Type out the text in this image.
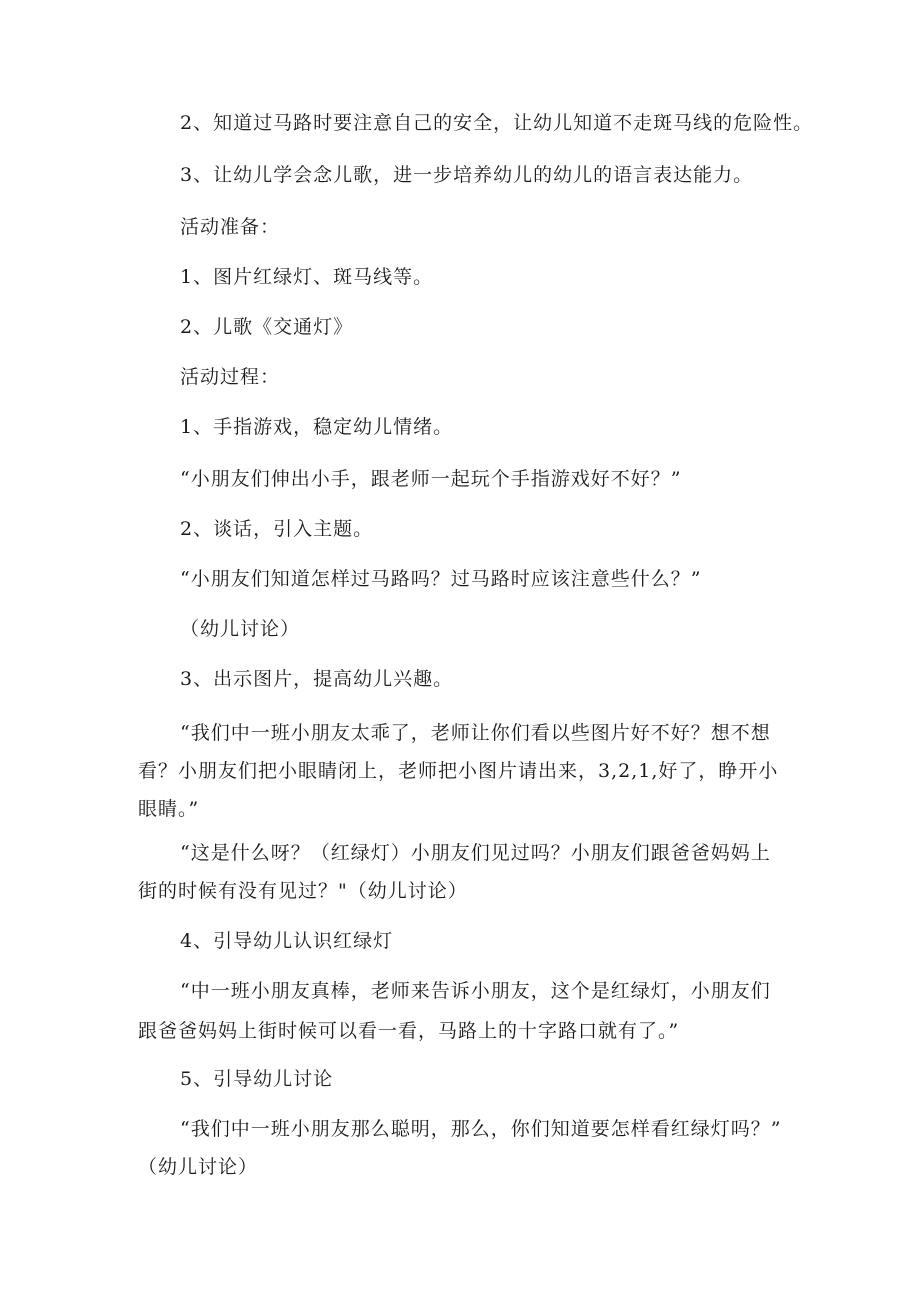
2、知道过马路时要注意自己的安全，让幼儿知道不走斑马线的危险性。
3、让幼儿学会念儿歌，进一步培养幼儿的幼儿的语言表达能力。
活动准备：
1、图片红绿灯、斑马线等。
2、儿歌《交通灯》
活动过程：
1、手指游戏，稳定幼儿情绪。
“小朋友们伸出小手，跟老师一起玩个手指游戏好不好？”
2、谈话，引入主题。
“小朋友们知道怎样过马路吗？过马路时应该注意些什么？”
（幼儿讨论）
3、出示图片，提高幼儿兴趣。
“我们中一班小朋友太乖了，老师让你们看以些图片好不好？想不想
看？小朋友们把小眼睛闭上，老师把小图片请出来，3,2,1,好了，睁开小
眼睛。”
“这是什么呀？（红绿灯）小朋友们见过吗？小朋友们跟爸爸妈妈上
街的时候有没有见过？"（幼儿讨论）
4、引导幼儿认识红绿灯
“中一班小朋友真棒，老师来告诉小朋友，这个是红绿灯，小朋友们
跟爸爸妈妈上街时候可以看一看，马路上的十字路口就有了。”
5、引导幼儿讨论
“我们中一班小朋友那么聪明，那么，你们知道要怎样看红绿灯吗？”
（幼儿讨论）
